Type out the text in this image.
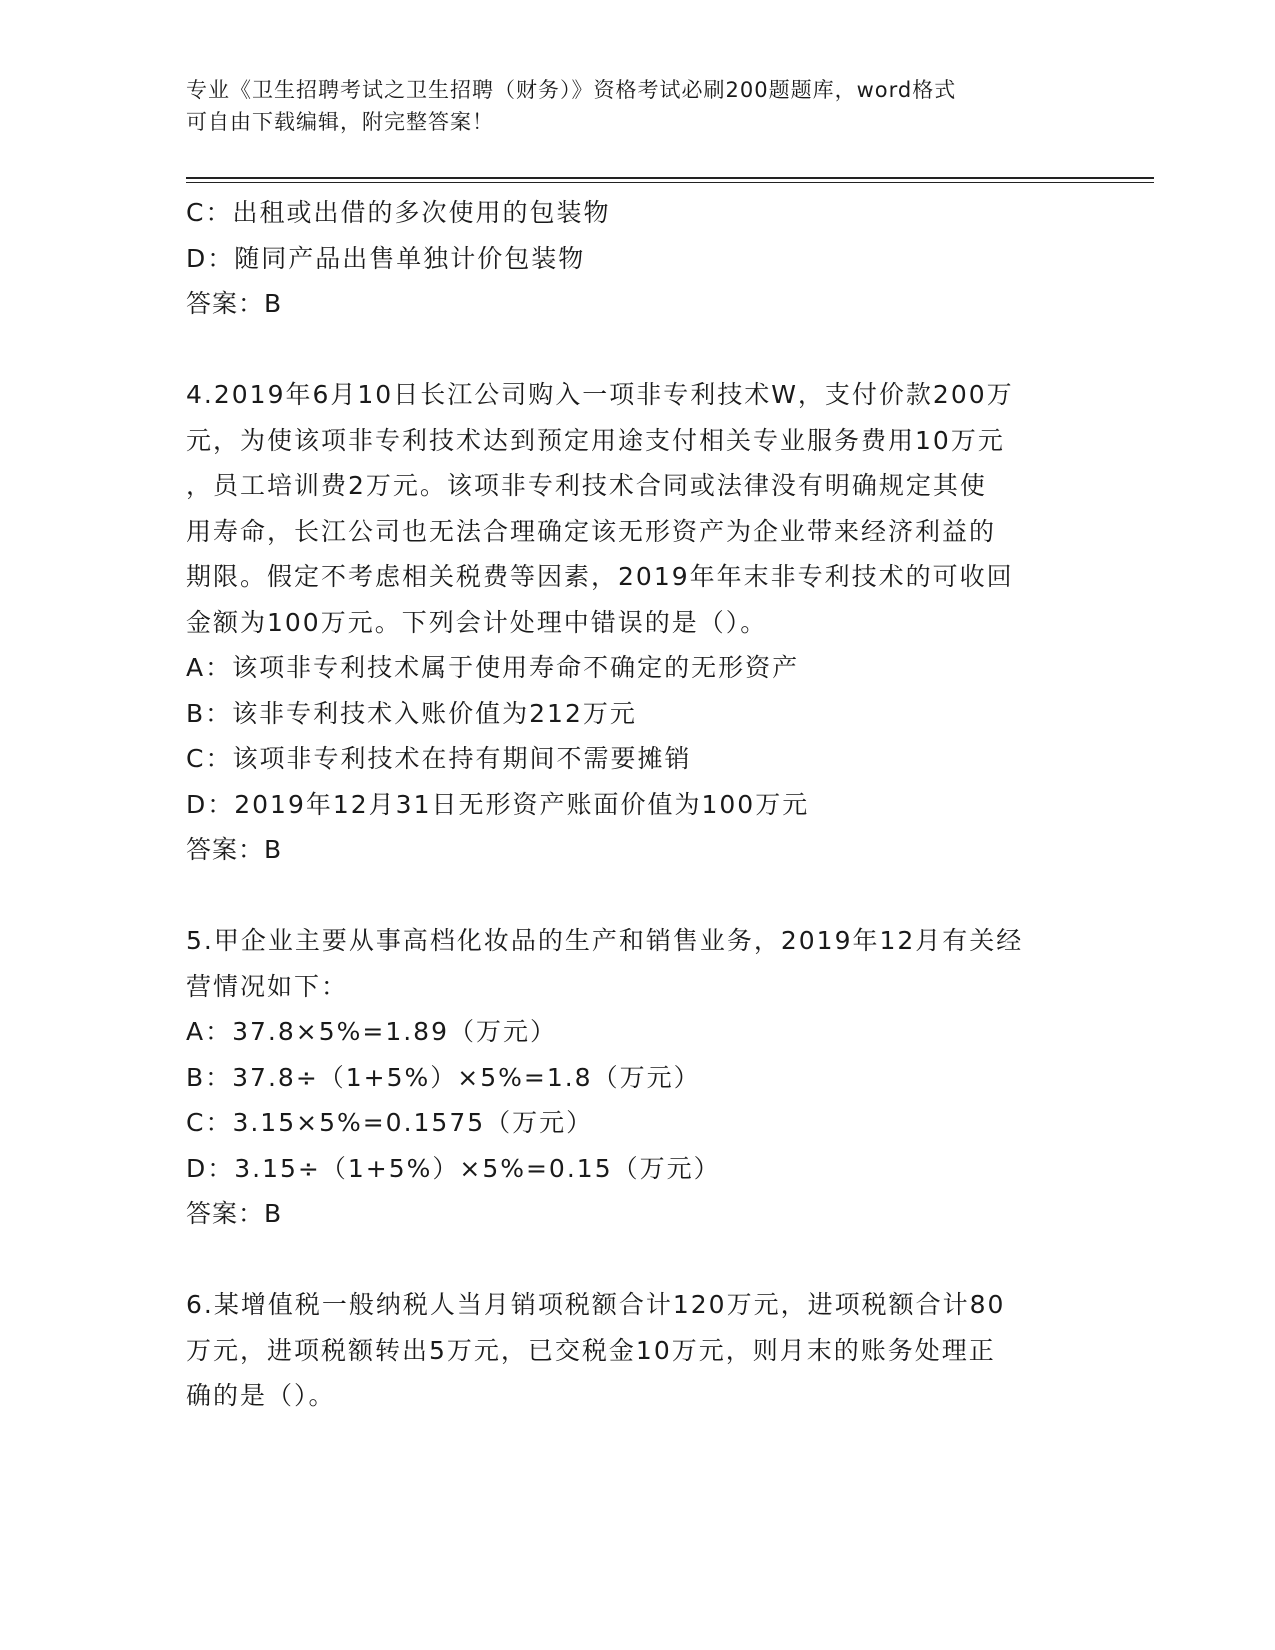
专业《卫生招聘考试之卫生招聘（财务）》资格考试必刷200题题库，word格式
可自由下载编辑，附完整答案！
C：出租或出借的多次使用的包装物
D：随同产品出售单独计价包装物
答案：B
4.2019年6月10日长江公司购入一项非专利技术W，支付价款200万
元，为使该项非专利技术达到预定用途支付相关专业服务费用10万元
，员工培训费2万元。该项非专利技术合同或法律没有明确规定其使
用寿命，长江公司也无法合理确定该无形资产为企业带来经济利益的
期限。假定不考虑相关税费等因素，2019年年末非专利技术的可收回
金额为100万元。下列会计处理中错误的是（）。
A：该项非专利技术属于使用寿命不确定的无形资产
B：该非专利技术入账价值为212万元
C：该项非专利技术在持有期间不需要摊销
D：2019年12月31日无形资产账面价值为100万元
答案：B
5.甲企业主要从事高档化妆品的生产和销售业务，2019年12月有关经
营情况如下：
A：37.8×5%=1.89（万元）
B：37.8÷（1+5%）×5%=1.8（万元）
C：3.15×5%=0.1575（万元）
D：3.15÷（1+5%）×5%=0.15（万元）
答案：B
6.某增值税一般纳税人当月销项税额合计120万元，进项税额合计80
万元，进项税额转出5万元，已交税金10万元，则月末的账务处理正
确的是（）。
